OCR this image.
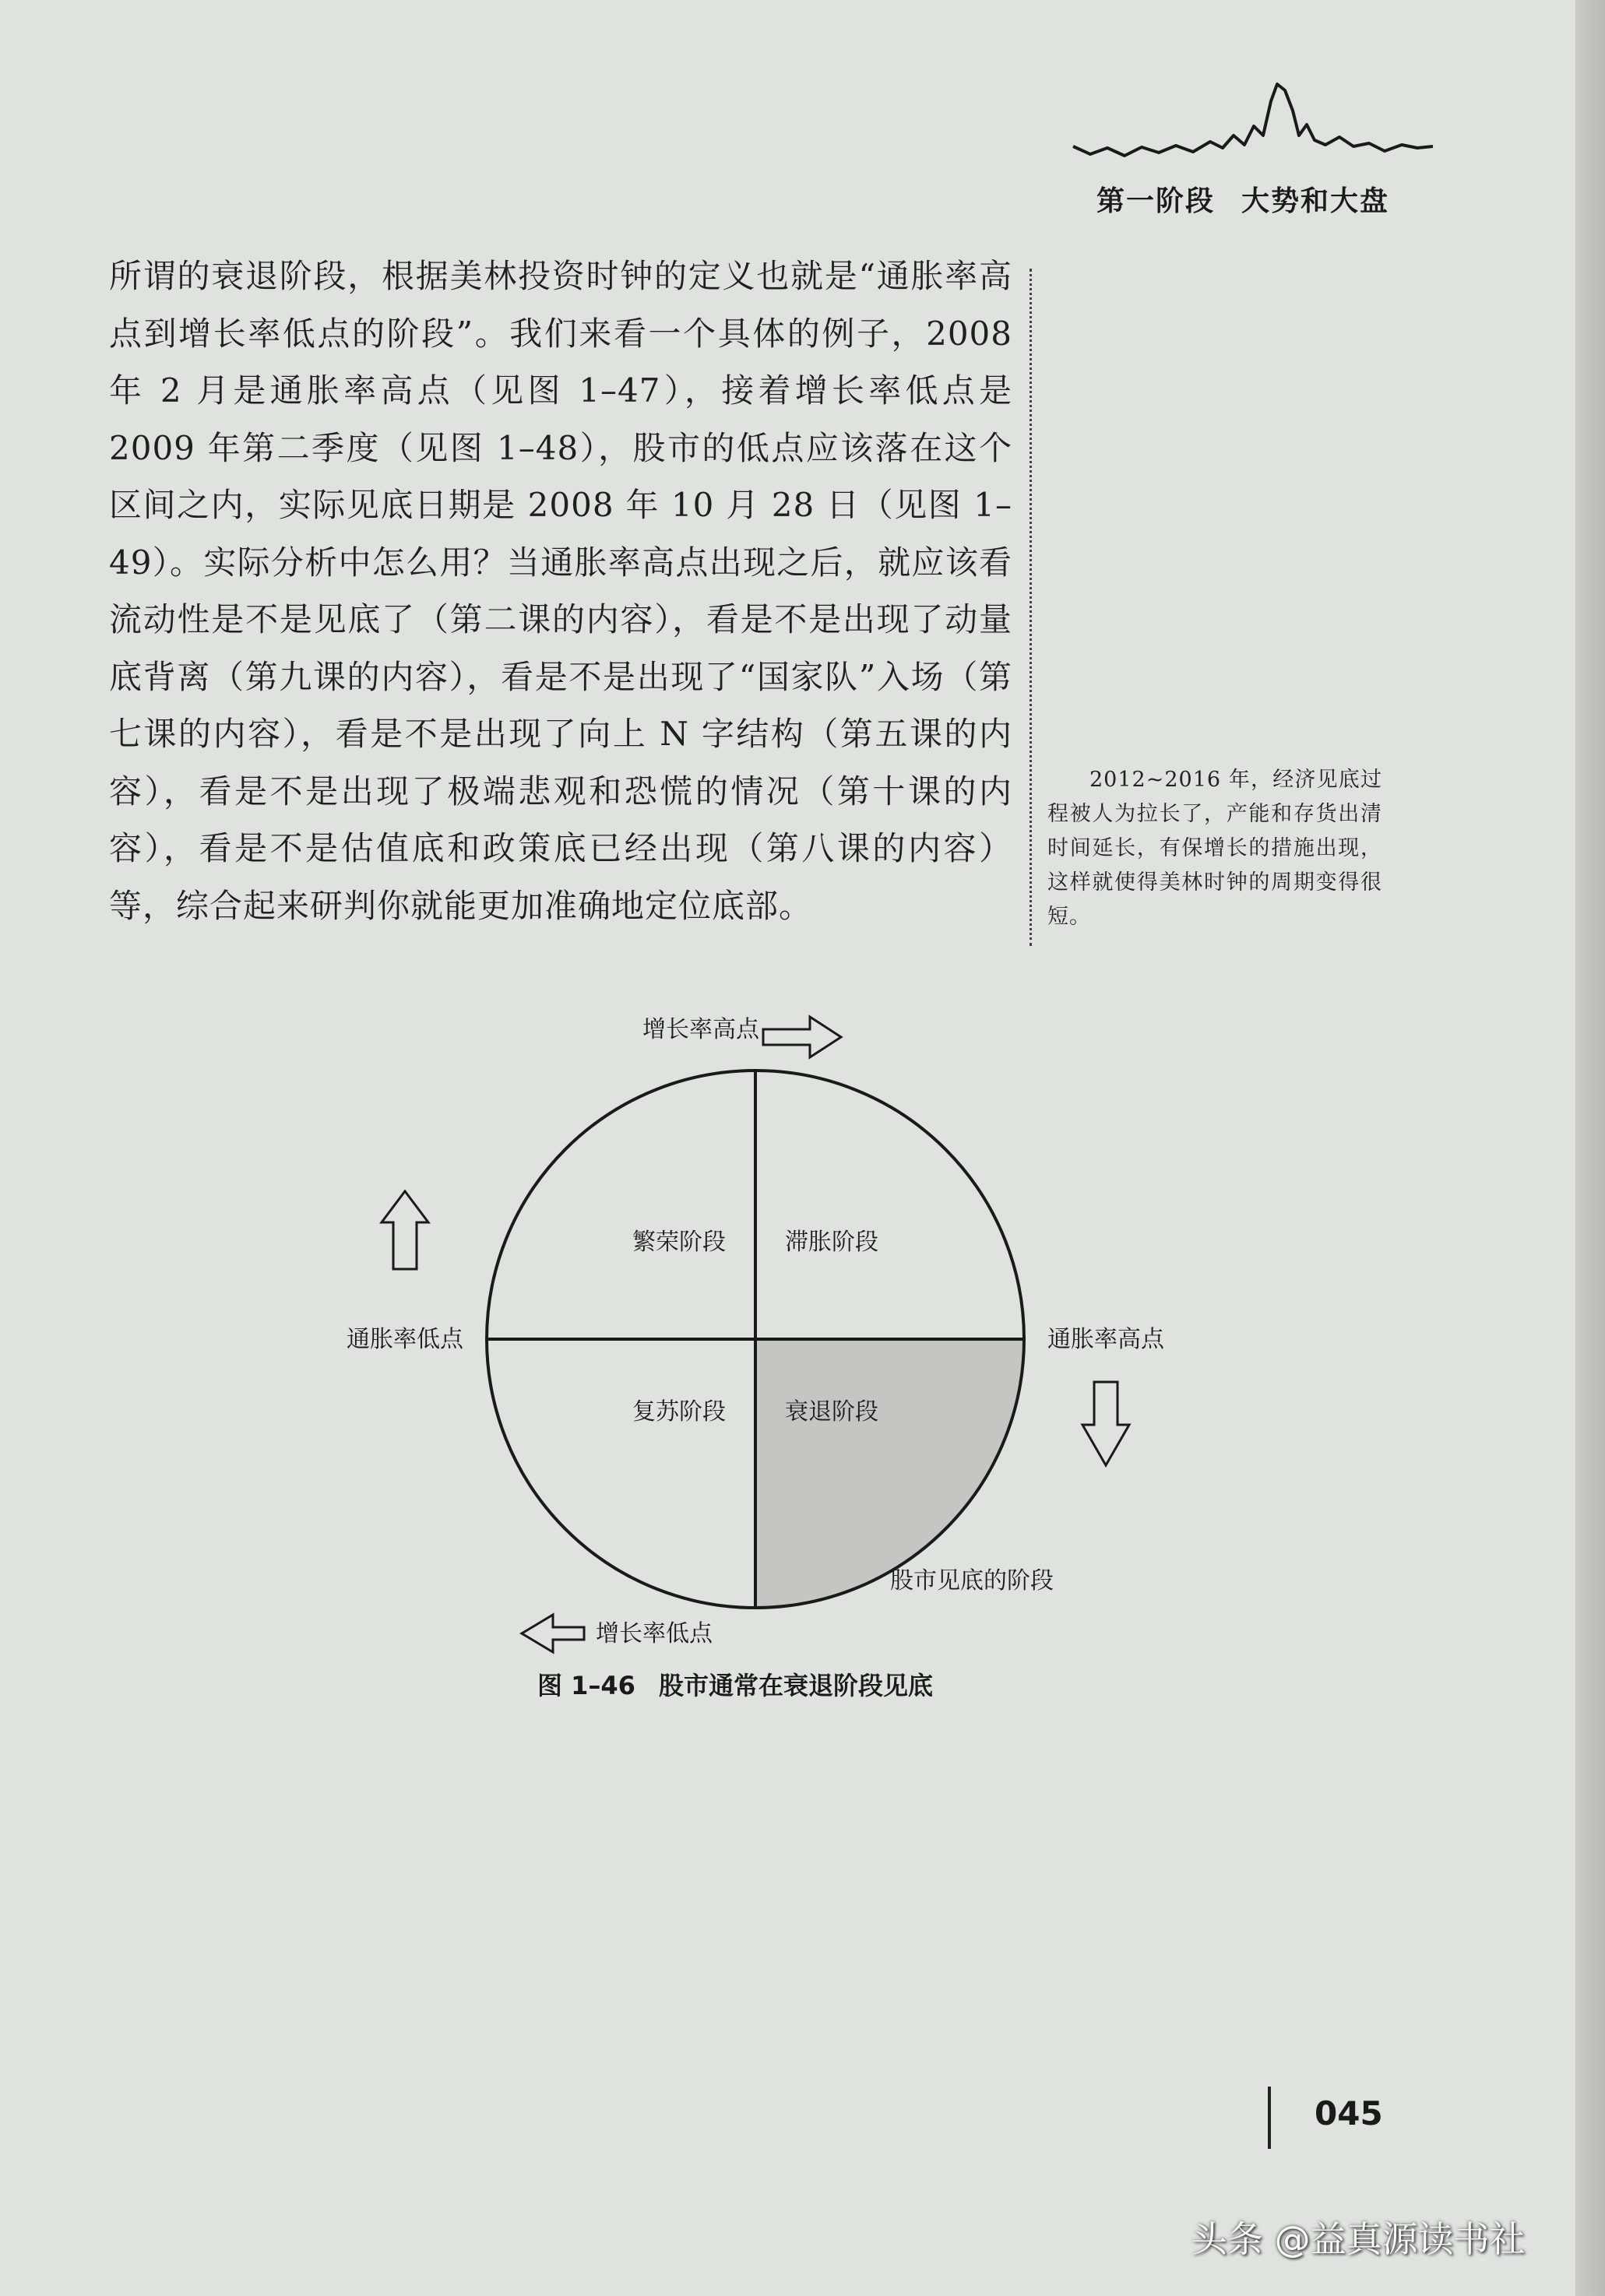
第一阶段 大势和大盘

所谓的衰退阶段，根据美林投资时钟的定义也就是“通胀率高点到增长率低点的阶段”。我们来看一个具体的例子，2008 年 2 月是通胀率高点（见图 1–47），接着增长率低点是 2009 年第二季度（见图 1–48），股市的低点应该落在这个区间之内，实际见底日期是 2008 年 10 月 28 日（见图 1–49）。实际分析中怎么用？当通胀率高点出现之后，就应该看流动性是不是见底了（第二课的内容），看是不是出现了动量底背离（第九课的内容），看是不是出现了“国家队”入场（第七课的内容），看是不是出现了向上 N 字结构（第五课的内容），看是不是出现了极端悲观和恐慌的情况（第十课的内容），看是不是估值底和政策底已经出现（第八课的内容）等，综合起来研判你就能更加准确地定位底部。

2012~2016 年，经济见底过程被人为拉长了，产能和存货出清时间延长，有保增长的措施出现，这样就使得美林时钟的周期变得很短。

增长率高点
通胀率低点	通胀率高点
繁荣阶段	滞胀阶段
复苏阶段	衰退阶段
股市见底的阶段
增长率低点
图 1–46 股市通常在衰退阶段见底
045
头条 @益真源读书社
